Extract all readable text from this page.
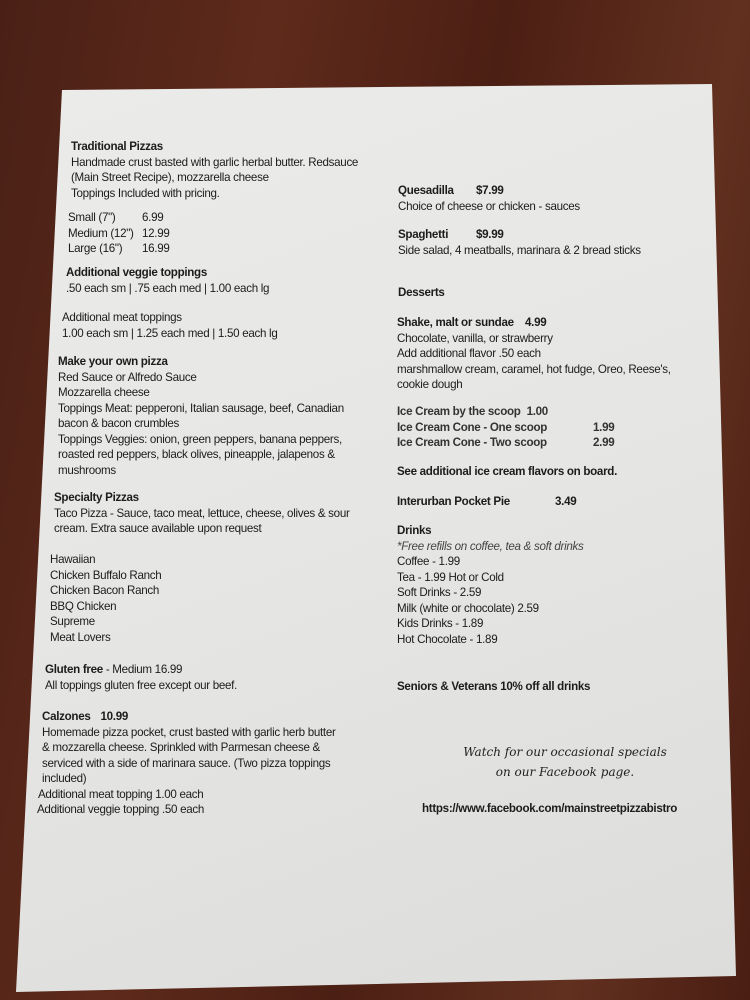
Traditional Pizzas
Handmade crust basted with garlic herbal butter. Redsauce
(Main Street Recipe), mozzarella cheese
Toppings Included with pricing.
Small (7")	6.99
Medium (12") 12.99
Large (16")	16.99
Additional veggie toppings
.50 each sm | .75 each med | 1.00 each lg
Additional meat toppings
1.00 each sm | 1.25 each med | 1.50 each lg
Make your own pizza
Red Sauce or Alfredo Sauce
Mozzarella cheese
Toppings Meat: pepperoni, Italian sausage, beef, Canadian
bacon & bacon crumbles
Toppings Veggies: onion, green peppers, banana peppers,
roasted red peppers, black olives, pineapple, jalapenos &
mushrooms
Specialty Pizzas
Taco Pizza - Sauce, taco meat, lettuce, cheese, olives & sour
cream. Extra sauce available upon request
Hawaiian
Chicken Buffalo Ranch
Chicken Bacon Ranch
BBQ Chicken
Supreme
Meat Lovers
Gluten free - Medium 16.99
All toppings gluten free except our beef.
Calzones 10.99
Homemade pizza pocket, crust basted with garlic herb butter
& mozzarella cheese. Sprinkled with Parmesan cheese &
serviced with a side of marinara sauce. (Two pizza toppings
included)
Additional meat topping 1.00 each
Additional veggie topping .50 each
Quesadilla	$7.99
Choice of cheese or chicken - sauces
Spaghetti	$9.99
Side salad, 4 meatballs, marinara & 2 bread sticks
Desserts
Shake, malt or sundae 4.99
Chocolate, vanilla, or strawberry
Add additional flavor .50 each
marshmallow cream, caramel, hot fudge, Oreo, Reese's,
cookie dough
Ice Cream by the scoop 1.00
Ice Cream Cone - One scoop	1.99
Ice Cream Cone - Two scoop	2.99
See additional ice cream flavors on board.
Interurban Pocket Pie	3.49
Drinks
*Free refills on coffee, tea & soft drinks
Coffee - 1.99
Tea - 1.99 Hot or Cold
Soft Drinks - 2.59
Milk (white or chocolate) 2.59
Kids Drinks - 1.89
Hot Chocolate - 1.89
Seniors & Veterans 10% off all drinks
Watch for our occasional specials
on our Facebook page.
https://www.facebook.com/mainstreetpizzabistro
